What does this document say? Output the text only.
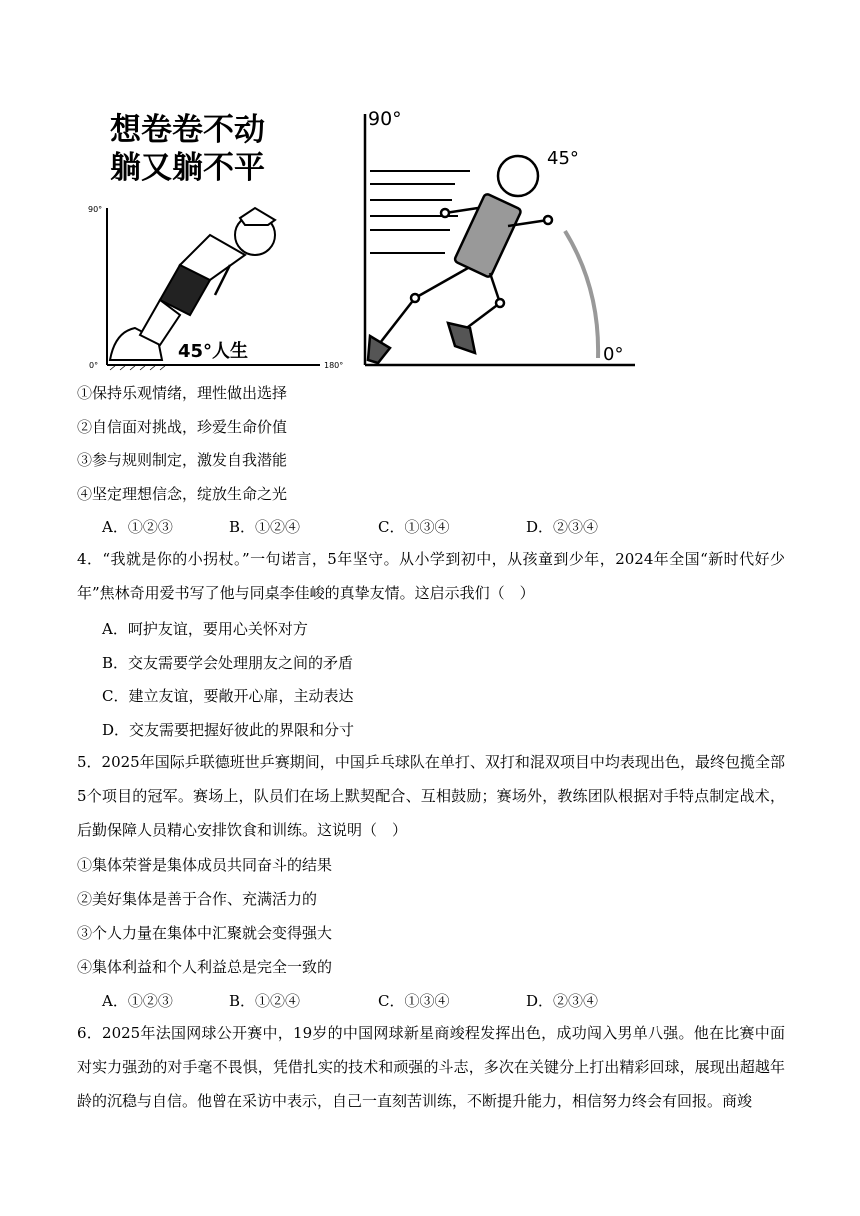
想卷卷不动
躺又躺不平
90°
0°	180°
45°人生
90°
45°
0°
①保持乐观情绪，理性做出选择
②自信面对挑战，珍爱生命价值
③参与规则制定，激发自我潜能
④坚定理想信念，绽放生命之光
A．①②③	B．①②④	C．①③④	D．②③④
4．“我就是你的小拐杖。”一句诺言，5年坚守。从小学到初中，从孩童到少年，2024年全国“新时代好少年”焦林奇用爱书写了他与同桌李佳峻的真挚友情。这启示我们（　）
A．呵护友谊，要用心关怀对方
B．交友需要学会处理朋友之间的矛盾
C．建立友谊，要敞开心扉，主动表达
D．交友需要把握好彼此的界限和分寸
5．2025年国际乒联德班世乒赛期间，中国乒乓球队在单打、双打和混双项目中均表现出色，最终包揽全部5个项目的冠军。赛场上，队员们在场上默契配合、互相鼓励；赛场外，教练团队根据对手特点制定战术，后勤保障人员精心安排饮食和训练。这说明（　）
①集体荣誉是集体成员共同奋斗的结果
②美好集体是善于合作、充满活力的
③个人力量在集体中汇聚就会变得强大
④集体利益和个人利益总是完全一致的
A．①②③	B．①②④	C．①③④	D．②③④
6．2025年法国网球公开赛中，19岁的中国网球新星商竣程发挥出色，成功闯入男单八强。他在比赛中面对实力强劲的对手毫不畏惧，凭借扎实的技术和顽强的斗志，多次在关键分上打出精彩回球，展现出超越年龄的沉稳与自信。他曾在采访中表示，自己一直刻苦训练，不断提升能力，相信努力终会有回报。商竣
